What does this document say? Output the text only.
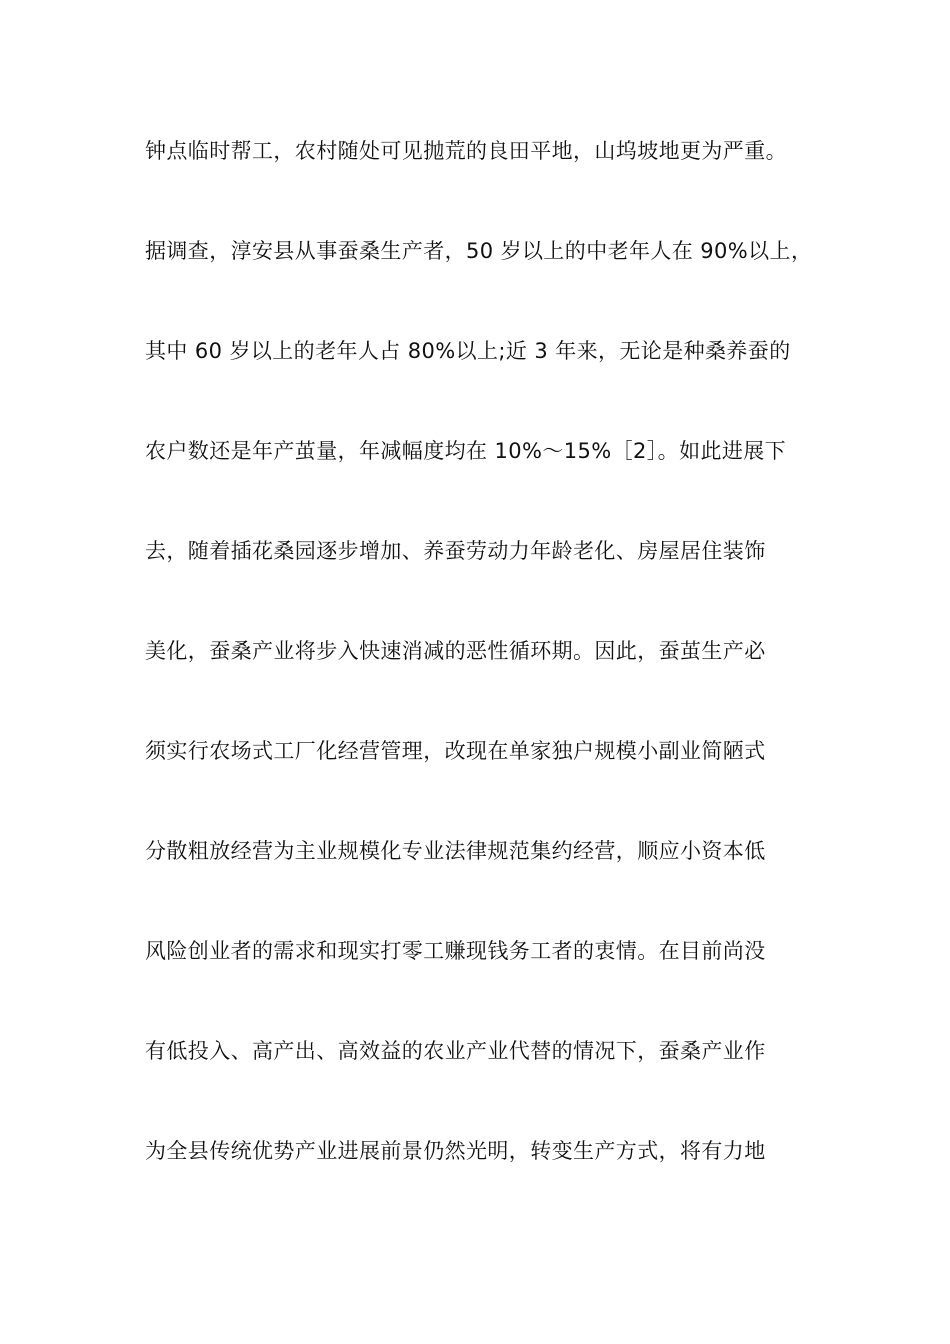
钟点临时帮工，农村随处可见抛荒的良田平地，山坞坡地更为严重。
据调查，淳安县从事蚕桑生产者，50 岁以上的中老年人在 90%以上，
其中 60 岁以上的老年人占 80%以上;近 3 年来，无论是种桑养蚕的
农户数还是年产茧量，年减幅度均在 10%～15%［2］。如此进展下
去，随着插花桑园逐步增加、养蚕劳动力年龄老化、房屋居住装饰
美化，蚕桑产业将步入快速消减的恶性循环期。因此，蚕茧生产必
须实行农场式工厂化经营管理，改现在单家独户规模小副业简陋式
分散粗放经营为主业规模化专业法律规范集约经营，顺应小资本低
风险创业者的需求和现实打零工赚现钱务工者的衷情。在目前尚没
有低投入、高产出、高效益的农业产业代替的情况下，蚕桑产业作
为全县传统优势产业进展前景仍然光明，转变生产方式，将有力地
